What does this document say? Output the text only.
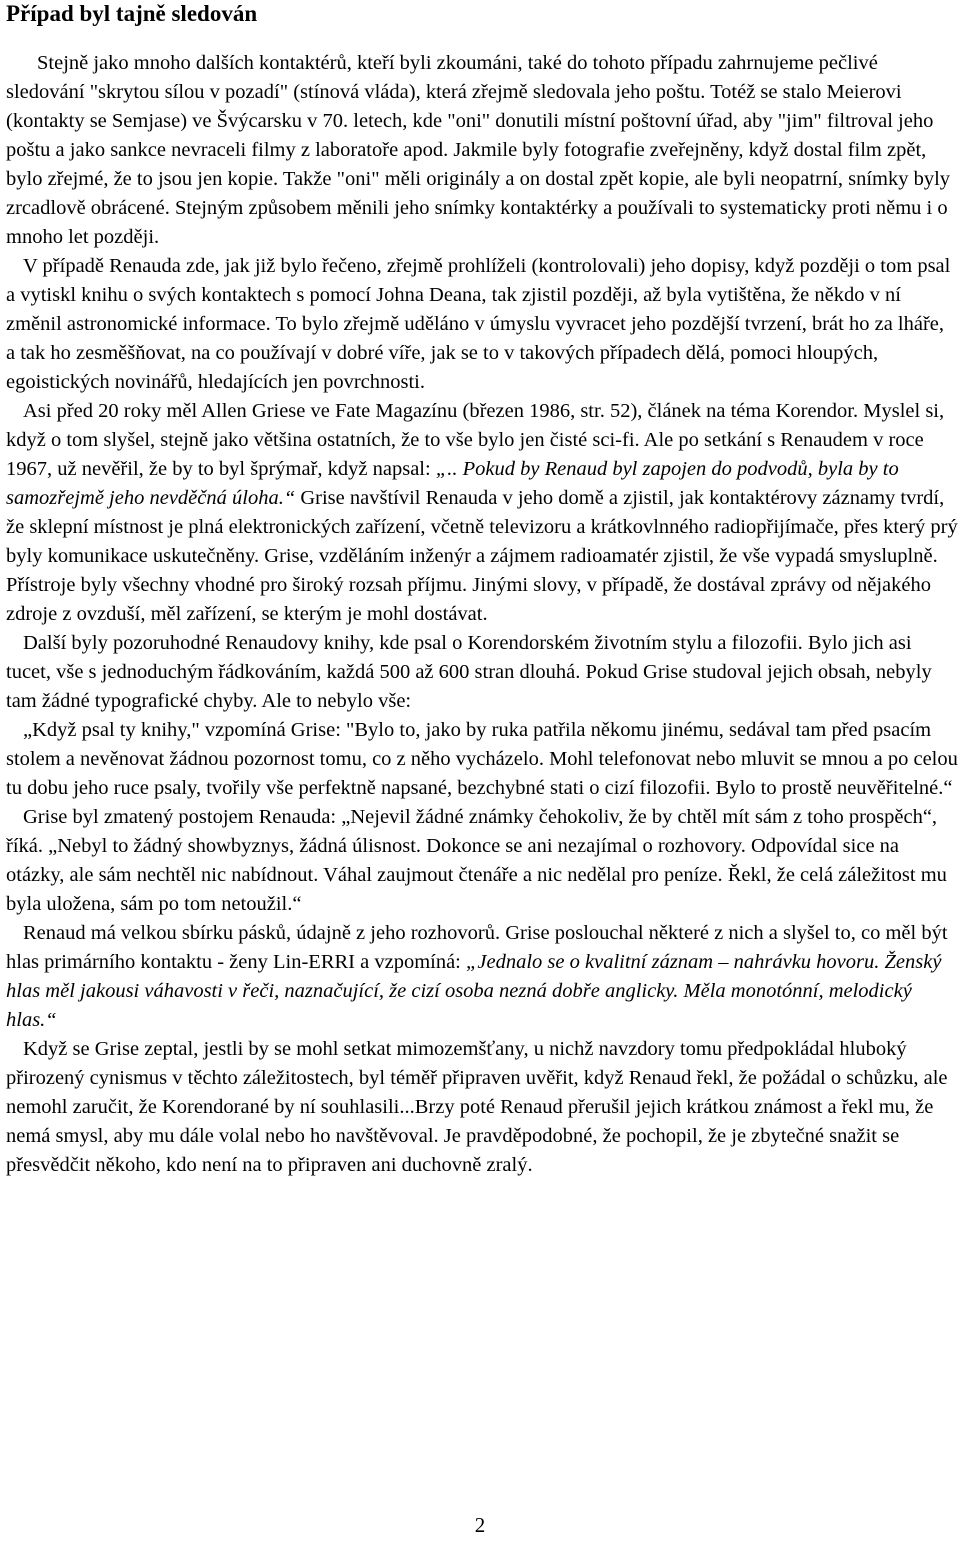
Případ byl tajně sledován

Stejně jako mnoho dalších kontaktérů, kteří byli zkoumáni, také do tohoto případu zahrnujeme pečlivé sledování "skrytou sílou v pozadí" (stínová vláda), která zřejmě sledovala jeho poštu. Totéž se stalo Meierovi (kontakty se Semjase) ve Švýcarsku v 70. letech, kde "oni" donutili místní poštovní úřad, aby "jim" filtroval jeho poštu a jako sankce nevraceli filmy z laboratoře apod. Jakmile byly fotografie zveřejněny, když dostal film zpět, bylo zřejmé, že to jsou jen kopie. Takže "oni" měli originály a on dostal zpět kopie, ale byli neopatrní, snímky byly zrcadlově obrácené. Stejným způsobem měnili jeho snímky kontaktérky a používali to systematicky proti němu i o mnoho let později.

V případě Renauda zde, jak již bylo řečeno, zřejmě prohlíželi (kontrolovali) jeho dopisy, když později o tom psal a vytiskl knihu o svých kontaktech s pomocí Johna Deana, tak zjistil později, až byla vytištěna, že někdo v ní změnil astronomické informace. To bylo zřejmě uděláno v úmyslu vyvracet jeho pozdější tvrzení, brát ho za lháře, a tak ho zesměšňovat, na co používají v dobré víře, jak se to v takových případech dělá, pomoci hloupých, egoistických novinářů, hledajících jen povrchnosti.

Asi před 20 roky měl Allen Griese ve Fate Magazínu (březen 1986, str. 52), článek na téma Korendor. Myslel si, když o tom slyšel, stejně jako většina ostatních, že to vše bylo jen čisté sci-fi. Ale po setkání s Renaudem v roce 1967, už nevěřil, že by to byl šprýmař, když napsal: „.. Pokud by Renaud byl zapojen do podvodů, byla by to samozřejmě jeho nevděčná úloha.“ Grise navštívil Renauda v jeho domě a zjistil, jak kontaktérovy záznamy tvrdí, že sklepní místnost je plná elektronických zařízení, včetně televizoru a krátkovlnného radiopřijímače, přes který prý byly komunikace uskutečněny. Grise, vzděláním inženýr a zájmem radioamatér zjistil, že vše vypadá smysluplně. Přístroje byly všechny vhodné pro široký rozsah příjmu. Jinými slovy, v případě, že dostával zprávy od nějakého zdroje z ovzduší, měl zařízení, se kterým je mohl dostávat.

Další byly pozoruhodné Renaudovy knihy, kde psal o Korendorském životním stylu a filozofii. Bylo jich asi tucet, vše s jednoduchým řádkováním, každá 500 až 600 stran dlouhá. Pokud Grise studoval jejich obsah, nebyly tam žádné typografické chyby. Ale to nebylo vše:

„Když psal ty knihy," vzpomíná Grise: "Bylo to, jako by ruka patřila někomu jinému, sedával tam před psacím stolem a nevěnovat žádnou pozornost tomu, co z něho vycházelo. Mohl telefonovat nebo mluvit se mnou a po celou tu dobu jeho ruce psaly, tvořily vše perfektně napsané, bezchybné stati o cizí filozofii. Bylo to prostě neuvěřitelné.“

Grise byl zmatený postojem Renauda: „Nejevil žádné známky čehokoliv, že by chtěl mít sám z toho prospěch“, říká. „Nebyl to žádný showbyznys, žádná úlisnost. Dokonce se ani nezajímal o rozhovory. Odpovídal sice na otázky, ale sám nechtěl nic nabídnout. Váhal zaujmout čtenáře a nic nedělal pro peníze. Řekl, že celá záležitost mu byla uložena, sám po tom netoužil.“

Renaud má velkou sbírku pásků, údajně z jeho rozhovorů. Grise poslouchal některé z nich a slyšel to, co měl být hlas primárního kontaktu - ženy Lin-ERRI a vzpomíná: „Jednalo se o kvalitní záznam – nahrávku hovoru. Ženský hlas měl jakousi váhavosti v řeči, naznačující, že cizí osoba nezná dobře anglicky. Měla monotónní, melodický hlas.“

Když se Grise zeptal, jestli by se mohl setkat mimozemšťany, u nichž navzdory tomu předpokládal hluboký přirozený cynismus v těchto záležitostech, byl téměř připraven uvěřit, když Renaud řekl, že požádal o schůzku, ale nemohl zaručit, že Korendorané by ní souhlasili...Brzy poté Renaud přerušil jejich krátkou známost a řekl mu, že nemá smysl, aby mu dále volal nebo ho navštěvoval. Je pravděpodobné, že pochopil, že je zbytečné snažit se přesvědčit někoho, kdo není na to připraven ani duchovně zralý.

2
